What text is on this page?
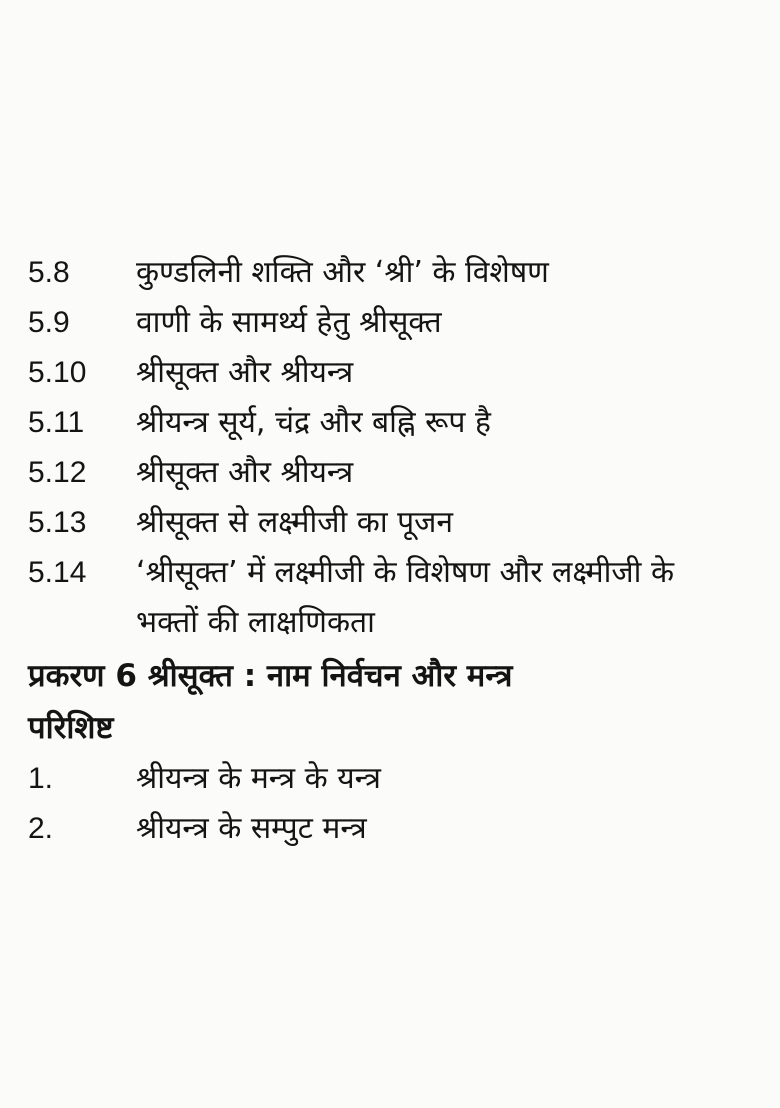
5.8	कुण्डलिनी शक्ति और ‘श्री’ के विशेषण
5.9	वाणी के सामर्थ्य हेतु श्रीसूक्त
5.10	श्रीसूक्त और श्रीयन्त्र
5.11	श्रीयन्त्र सूर्य, चंद्र और बह्नि रूप है
5.12	श्रीसूक्त और श्रीयन्त्र
5.13	श्रीसूक्त से लक्ष्मीजी का पूजन
5.14	‘श्रीसूक्त’ में लक्ष्मीजी के विशेषण और लक्ष्मीजी के
भक्तों की लाक्षणिकता
प्रकरण 6 श्रीसूक्त : नाम निर्वचन और मन्त्र
परिशिष्ट
1.	श्रीयन्त्र के मन्त्र के यन्त्र
2.	श्रीयन्त्र के सम्पुट मन्त्र
